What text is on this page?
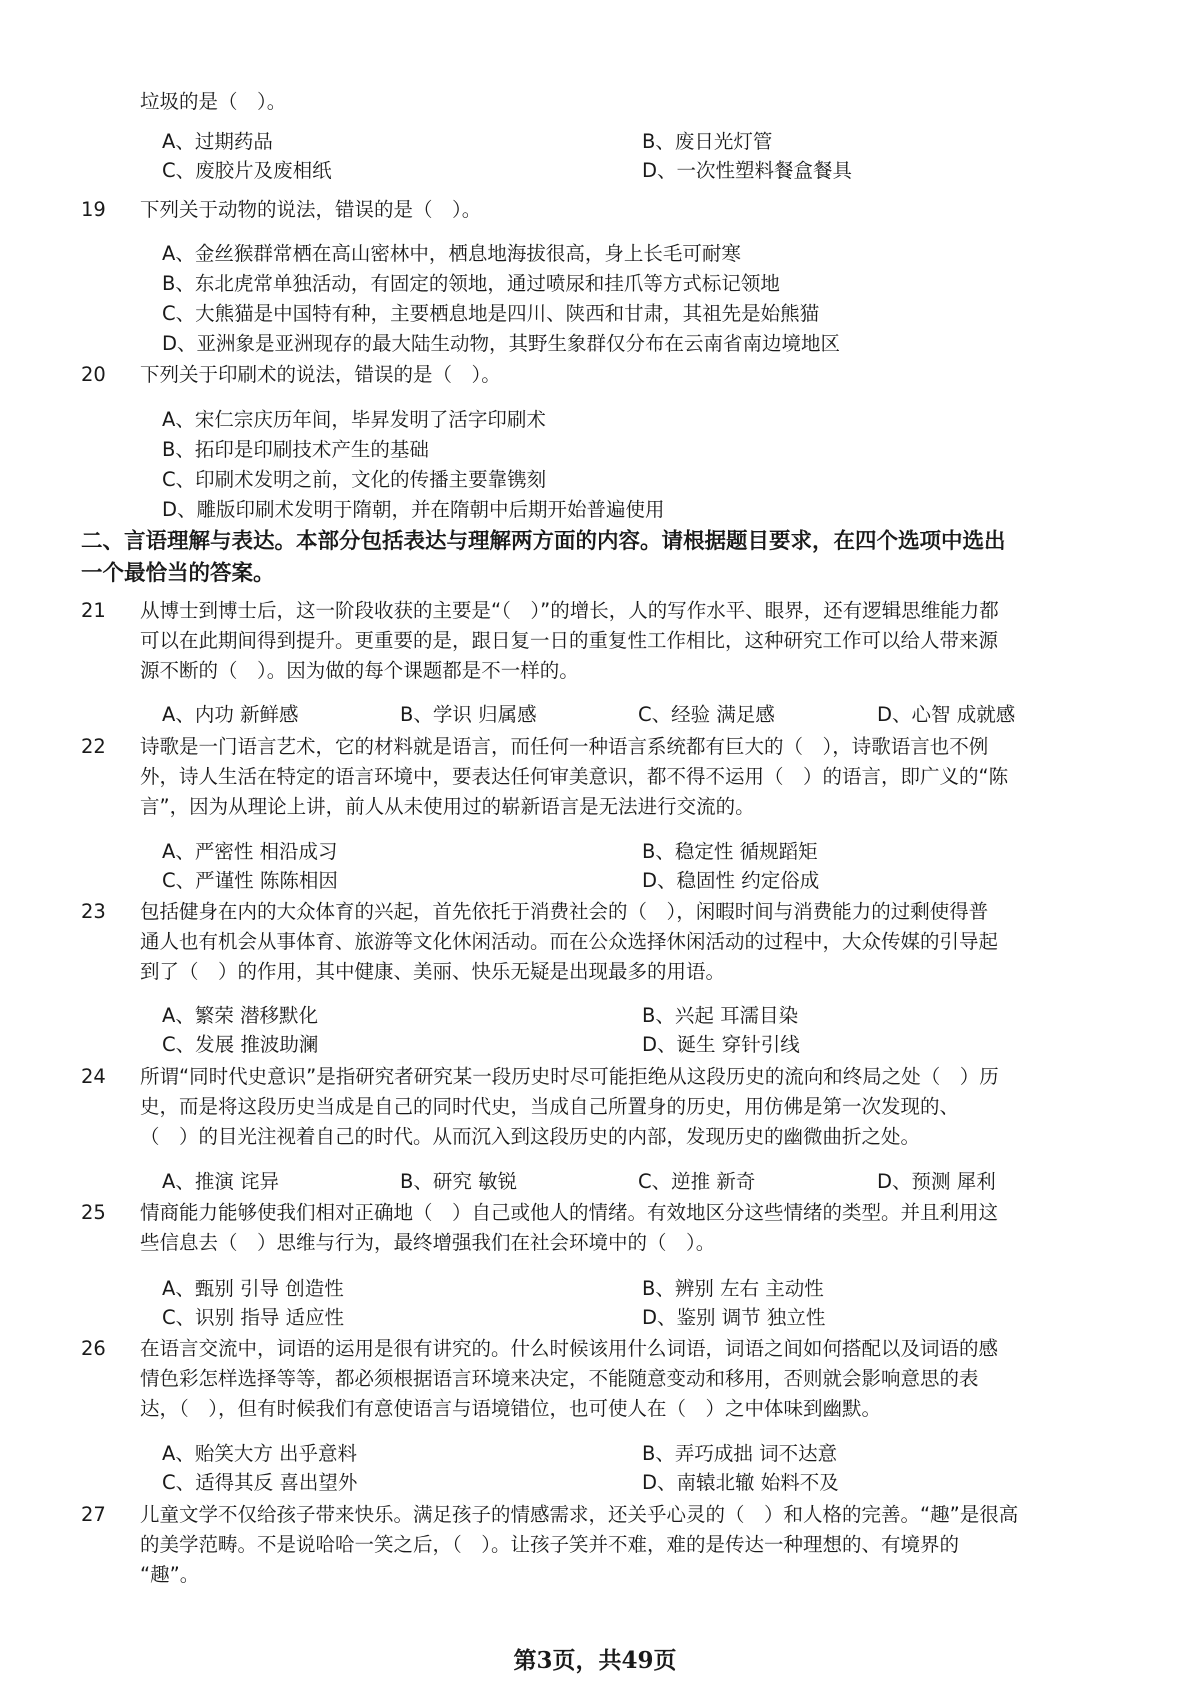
垃圾的是（　）。
A、过期药品	B、废日光灯管
C、废胶片及废相纸	D、一次性塑料餐盒餐具
19 下列关于动物的说法，错误的是（　）。
A、金丝猴群常栖在高山密林中，栖息地海拔很高，身上长毛可耐寒
B、东北虎常单独活动，有固定的领地，通过喷尿和挂爪等方式标记领地
C、大熊猫是中国特有种，主要栖息地是四川、陕西和甘肃，其祖先是始熊猫
D、亚洲象是亚洲现存的最大陆生动物，其野生象群仅分布在云南省南边境地区
20 下列关于印刷术的说法，错误的是（　）。
A、宋仁宗庆历年间，毕昇发明了活字印刷术
B、拓印是印刷技术产生的基础
C、印刷术发明之前，文化的传播主要靠镌刻
D、雕版印刷术发明于隋朝，并在隋朝中后期开始普遍使用
二、言语理解与表达。本部分包括表达与理解两方面的内容。请根据题目要求，在四个选项中选出
一个最恰当的答案。
21 从博士到博士后，这一阶段收获的主要是“（　）”的增长，人的写作水平、眼界，还有逻辑思维能力都
可以在此期间得到提升。更重要的是，跟日复一日的重复性工作相比，这种研究工作可以给人带来源
源不断的（　）。因为做的每个课题都是不一样的。
A、内功 新鲜感	B、学识 归属感	C、经验 满足感	D、心智 成就感
22 诗歌是一门语言艺术，它的材料就是语言，而任何一种语言系统都有巨大的（　），诗歌语言也不例
外，诗人生活在特定的语言环境中，要表达任何审美意识，都不得不运用（　）的语言，即广义的“陈
言”，因为从理论上讲，前人从未使用过的崭新语言是无法进行交流的。
A、严密性 相沿成习	B、稳定性 循规蹈矩
C、严谨性 陈陈相因	D、稳固性 约定俗成
23 包括健身在内的大众体育的兴起，首先依托于消费社会的（　），闲暇时间与消费能力的过剩使得普
通人也有机会从事体育、旅游等文化休闲活动。而在公众选择休闲活动的过程中，大众传媒的引导起
到了（　）的作用，其中健康、美丽、快乐无疑是出现最多的用语。
A、繁荣 潜移默化	B、兴起 耳濡目染
C、发展 推波助澜	D、诞生 穿针引线
24 所谓“同时代史意识”是指研究者研究某一段历史时尽可能拒绝从这段历史的流向和终局之处（　）历
史，而是将这段历史当成是自己的同时代史，当成自己所置身的历史，用仿佛是第一次发现的、
（　）的目光注视着自己的时代。从而沉入到这段历史的内部，发现历史的幽微曲折之处。
A、推演 诧异	B、研究 敏锐	C、逆推 新奇	D、预测 犀利
25 情商能力能够使我们相对正确地（　）自己或他人的情绪。有效地区分这些情绪的类型。并且利用这
些信息去（　）思维与行为，最终增强我们在社会环境中的（　）。
A、甄别 引导 创造性	B、辨别 左右 主动性
C、识别 指导 适应性	D、鉴别 调节 独立性
26 在语言交流中，词语的运用是很有讲究的。什么时候该用什么词语，词语之间如何搭配以及词语的感
情色彩怎样选择等等，都必须根据语言环境来决定，不能随意变动和移用，否则就会影响意思的表
达，（　），但有时候我们有意使语言与语境错位，也可使人在（　）之中体味到幽默。
A、贻笑大方 出乎意料	B、弄巧成拙 词不达意
C、适得其反 喜出望外	D、南辕北辙 始料不及
27 儿童文学不仅给孩子带来快乐。满足孩子的情感需求，还关乎心灵的（　）和人格的完善。“趣”是很高
的美学范畴。不是说哈哈一笑之后，（　）。让孩子笑并不难，难的是传达一种理想的、有境界的
“趣”。
第3页，共49页
